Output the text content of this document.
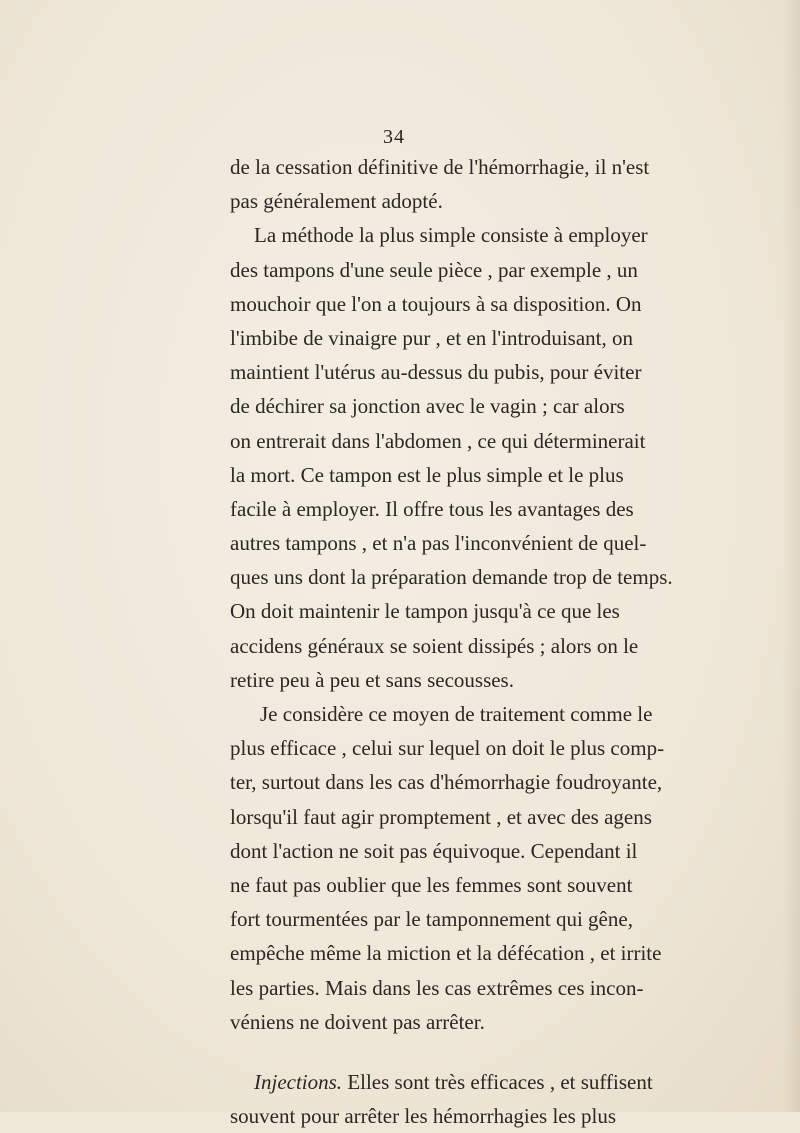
34
de la cessation définitive de l'hémorrhagie, il n'est
pas généralement adopté.
La méthode la plus simple consiste à employer
des tampons d'une seule pièce , par exemple , un
mouchoir que l'on a toujours à sa disposition. On
l'imbibe de vinaigre pur , et en l'introduisant, on
maintient l'utérus au-dessus du pubis, pour éviter
de déchirer sa jonction avec le vagin ; car alors
on entrerait dans l'abdomen , ce qui déterminerait
la mort. Ce tampon est le plus simple et le plus
facile à employer. Il offre tous les avantages des
autres tampons , et n'a pas l'inconvénient de quel-
ques uns dont la préparation demande trop de temps.
On doit maintenir le tampon jusqu'à ce que les
accidens généraux se soient dissipés ; alors on le
retire peu à peu et sans secousses.
Je considère ce moyen de traitement comme le
plus efficace , celui sur lequel on doit le plus comp-
ter, surtout dans les cas d'hémorrhagie foudroyante,
lorsqu'il faut agir promptement , et avec des agens
dont l'action ne soit pas équivoque. Cependant il
ne faut pas oublier que les femmes sont souvent
fort tourmentées par le tamponnement qui gêne,
empêche même la miction et la défécation , et irrite
les parties. Mais dans les cas extrêmes ces incon-
véniens ne doivent pas arrêter.
Injections. Elles sont très efficaces , et suffisent
souvent pour arrêter les hémorrhagies les plus
